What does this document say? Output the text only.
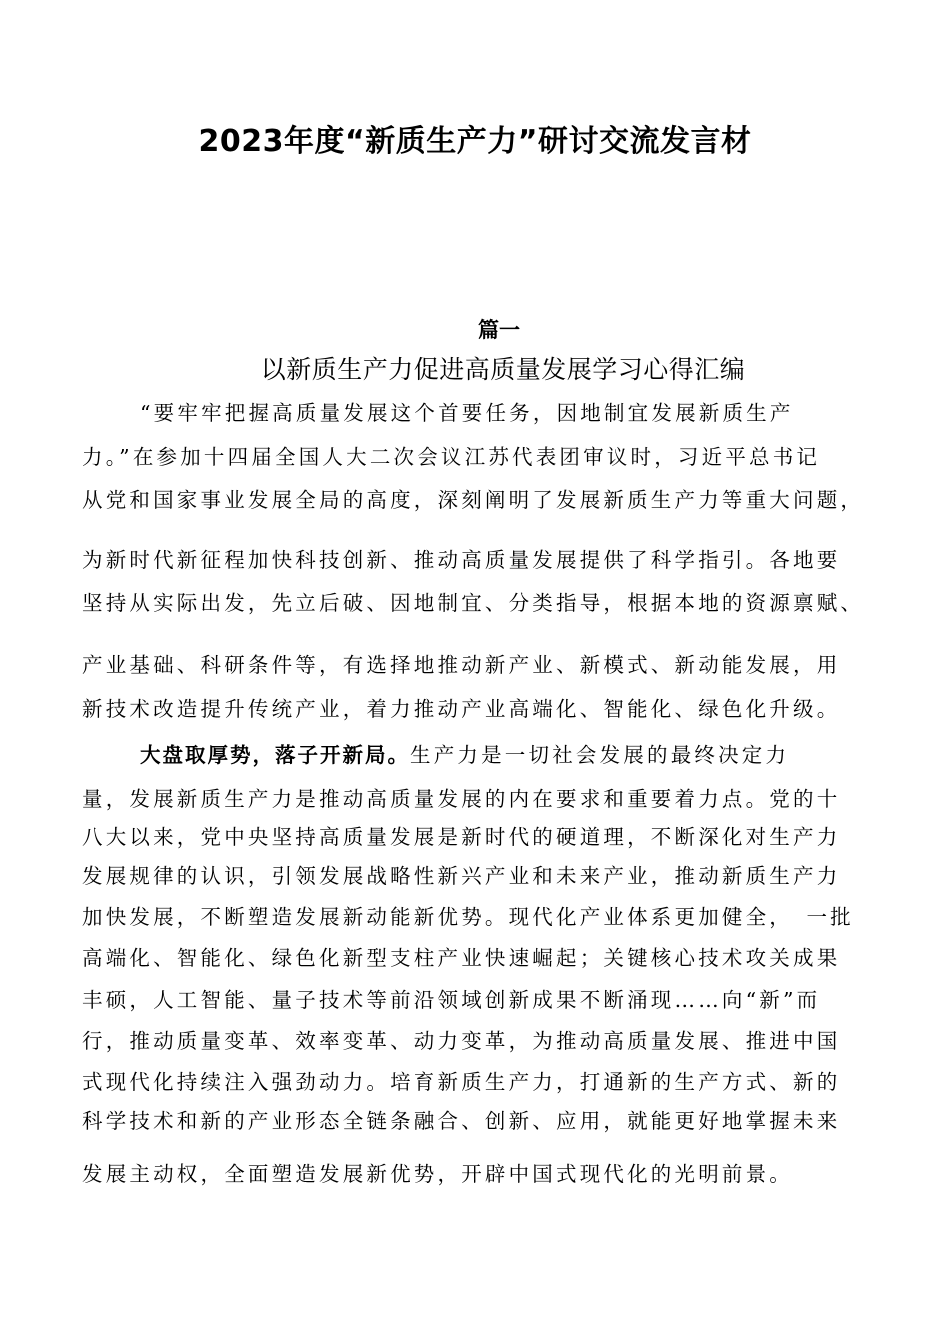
2023年度“新质生产力”研讨交流发言材
篇一
以新质生产力促进高质量发展学习心得汇编
“要牢牢把握高质量发展这个首要任务，因地制宜发展新质生产
力。”在参加十四届全国人大二次会议江苏代表团审议时，习近平总书记
从党和国家事业发展全局的高度，深刻阐明了发展新质生产力等重大问题，
为新时代新征程加快科技创新、推动高质量发展提供了科学指引。各地要
坚持从实际出发，先立后破、因地制宜、分类指导，根据本地的资源禀赋、
产业基础、科研条件等，有选择地推动新产业、新模式、新动能发展，用
新技术改造提升传统产业，着力推动产业高端化、智能化、绿色化升级。
大盘取厚势，落子开新局。生产力是一切社会发展的最终决定力
量，发展新质生产力是推动高质量发展的内在要求和重要着力点。党的十
八大以来，党中央坚持高质量发展是新时代的硬道理，不断深化对生产力
发展规律的认识，引领发展战略性新兴产业和未来产业，推动新质生产力
加快发展，不断塑造发展新动能新优势。现代化产业体系更加健全，　一批
高端化、智能化、绿色化新型支柱产业快速崛起；关键核心技术攻关成果
丰硕，人工智能、量子技术等前沿领域创新成果不断涌现……向“新”而
行，推动质量变革、效率变革、动力变革，为推动高质量发展、推进中国
式现代化持续注入强劲动力。培育新质生产力，打通新的生产方式、新的
科学技术和新的产业形态全链条融合、创新、应用，就能更好地掌握未来
发展主动权，全面塑造发展新优势，开辟中国式现代化的光明前景。
